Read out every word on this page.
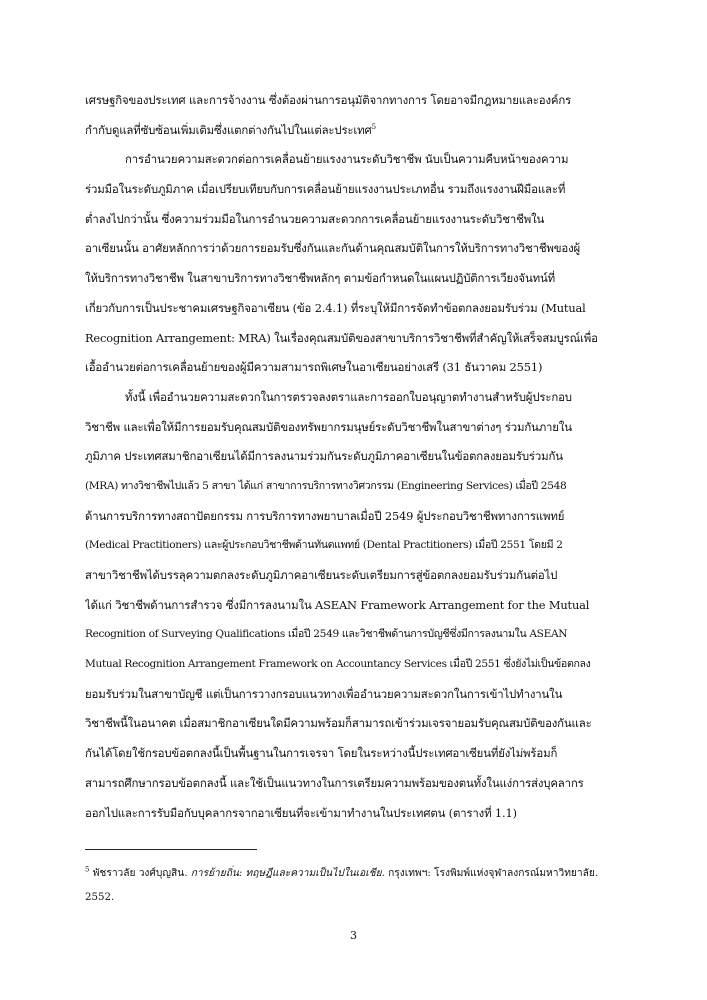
เศรษฐกิจของประเทศ และการจ้างงาน ซึ่งต้องผ่านการอนุมัติจากทางการ โดยอาจมีกฎหมายและองค์กร
กำกับดูแลที่ซับซ้อนเพิ่มเติมซึ่งแตกต่างกันไปในแต่ละประเทศ$^5$
การอำนวยความสะดวกต่อการเคลื่อนย้ายแรงงานระดับวิชาชีพ นับเป็นความคืบหน้าของความ
ร่วมมือในระดับภูมิภาค เมื่อเปรียบเทียบกับการเคลื่อนย้ายแรงงานประเภทอื่น รวมถึงแรงงานฝีมือและที่
ต่ำลงไปกว่านั้น ซึ่งความร่วมมือในการอำนวยความสะดวกการเคลื่อนย้ายแรงงานระดับวิชาชีพใน
อาเซียนนั้น อาศัยหลักการว่าด้วยการยอมรับซึ่งกันและกันด้านคุณสมบัติในการให้บริการทางวิชาชีพของผู้
ให้บริการทางวิชาชีพ ในสาขาบริการทางวิชาชีพหลักๆ ตามข้อกำหนดในแผนปฏิบัติการเวียงจันทน์ที่
เกี่ยวกับการเป็นประชาคมเศรษฐกิจอาเซียน (ข้อ 2.4.1) ที่ระบุให้มีการจัดทำข้อตกลงยอมรับร่วม (Mutual
Recognition Arrangement: MRA) ในเรื่องคุณสมบัติของสาขาบริการวิชาชีพที่สำคัญให้เสร็จสมบูรณ์เพื่อ
เอื้ออำนวยต่อการเคลื่อนย้ายของผู้มีความสามารถพิเศษในอาเซียนอย่างเสรี (31 ธันวาคม 2551)
ทั้งนี้ เพื่ออำนวยความสะดวกในการตรวจลงตราและการออกใบอนุญาตทำงานสำหรับผู้ประกอบ
วิชาชีพ และเพื่อให้มีการยอมรับคุณสมบัติของทรัพยากรมนุษย์ระดับวิชาชีพในสาขาต่างๆ ร่วมกันภายใน
ภูมิภาค ประเทศสมาชิกอาเซียนได้มีการลงนามร่วมกันระดับภูมิภาคอาเซียนในข้อตกลงยอมรับร่วมกัน
(MRA) ทางวิชาชีพไปแล้ว 5 สาขา ได้แก่ สาขาการบริการทางวิศวกรรม (Engineering Services) เมื่อปี 2548
ด้านการบริการทางสถาปัตยกรรม การบริการทางพยาบาลเมื่อปี 2549 ผู้ประกอบวิชาชีพทางการแพทย์
(Medical Practitioners) และผู้ประกอบวิชาชีพด้านทันตแพทย์ (Dental Practitioners) เมื่อปี 2551 โดยมี 2
สาขาวิชาชีพได้บรรลุความตกลงระดับภูมิภาคอาเซียนระดับเตรียมการสู่ข้อตกลงยอมรับร่วมกันต่อไป
ได้แก่ วิชาชีพด้านการสำรวจ ซึ่งมีการลงนามใน ASEAN Framework Arrangement for the Mutual
Recognition of Surveying Qualifications เมื่อปี 2549 และวิชาชีพด้านการบัญชีซึ่งมีการลงนามใน ASEAN
Mutual Recognition Arrangement Framework on Accountancy Services เมื่อปี 2551 ซึ่งยังไม่เป็นข้อตกลง
ยอมรับร่วมในสาขาบัญชี แต่เป็นการวางกรอบแนวทางเพื่ออำนวยความสะดวกในการเข้าไปทำงานใน
วิชาชีพนี้ในอนาคต เมื่อสมาชิกอาเซียนใดมีความพร้อมก็สามารถเข้าร่วมเจรจายอมรับคุณสมบัติของกันและ
กันได้โดยใช้กรอบข้อตกลงนี้เป็นพื้นฐานในการเจรจา โดยในระหว่างนี้ประเทศอาเซียนที่ยังไม่พร้อมก็
สามารถศึกษากรอบข้อตกลงนี้ และใช้เป็นแนวทางในการเตรียมความพร้อมของตนทั้งในแง่การส่งบุคลากร
ออกไปและการรับมือกับบุคลากรจากอาเซียนที่จะเข้ามาทำงานในประเทศตน (ตารางที่ 1.1)
$^5$ พัชราวลัย วงศ์บุญสิน. การย้ายถิ่น: ทฤษฎีและความเป็นไปในเอเชีย. กรุงเทพฯ: โรงพิมพ์แห่งจุฬาลงกรณ์มหาวิทยาลัย.
2552.
3
